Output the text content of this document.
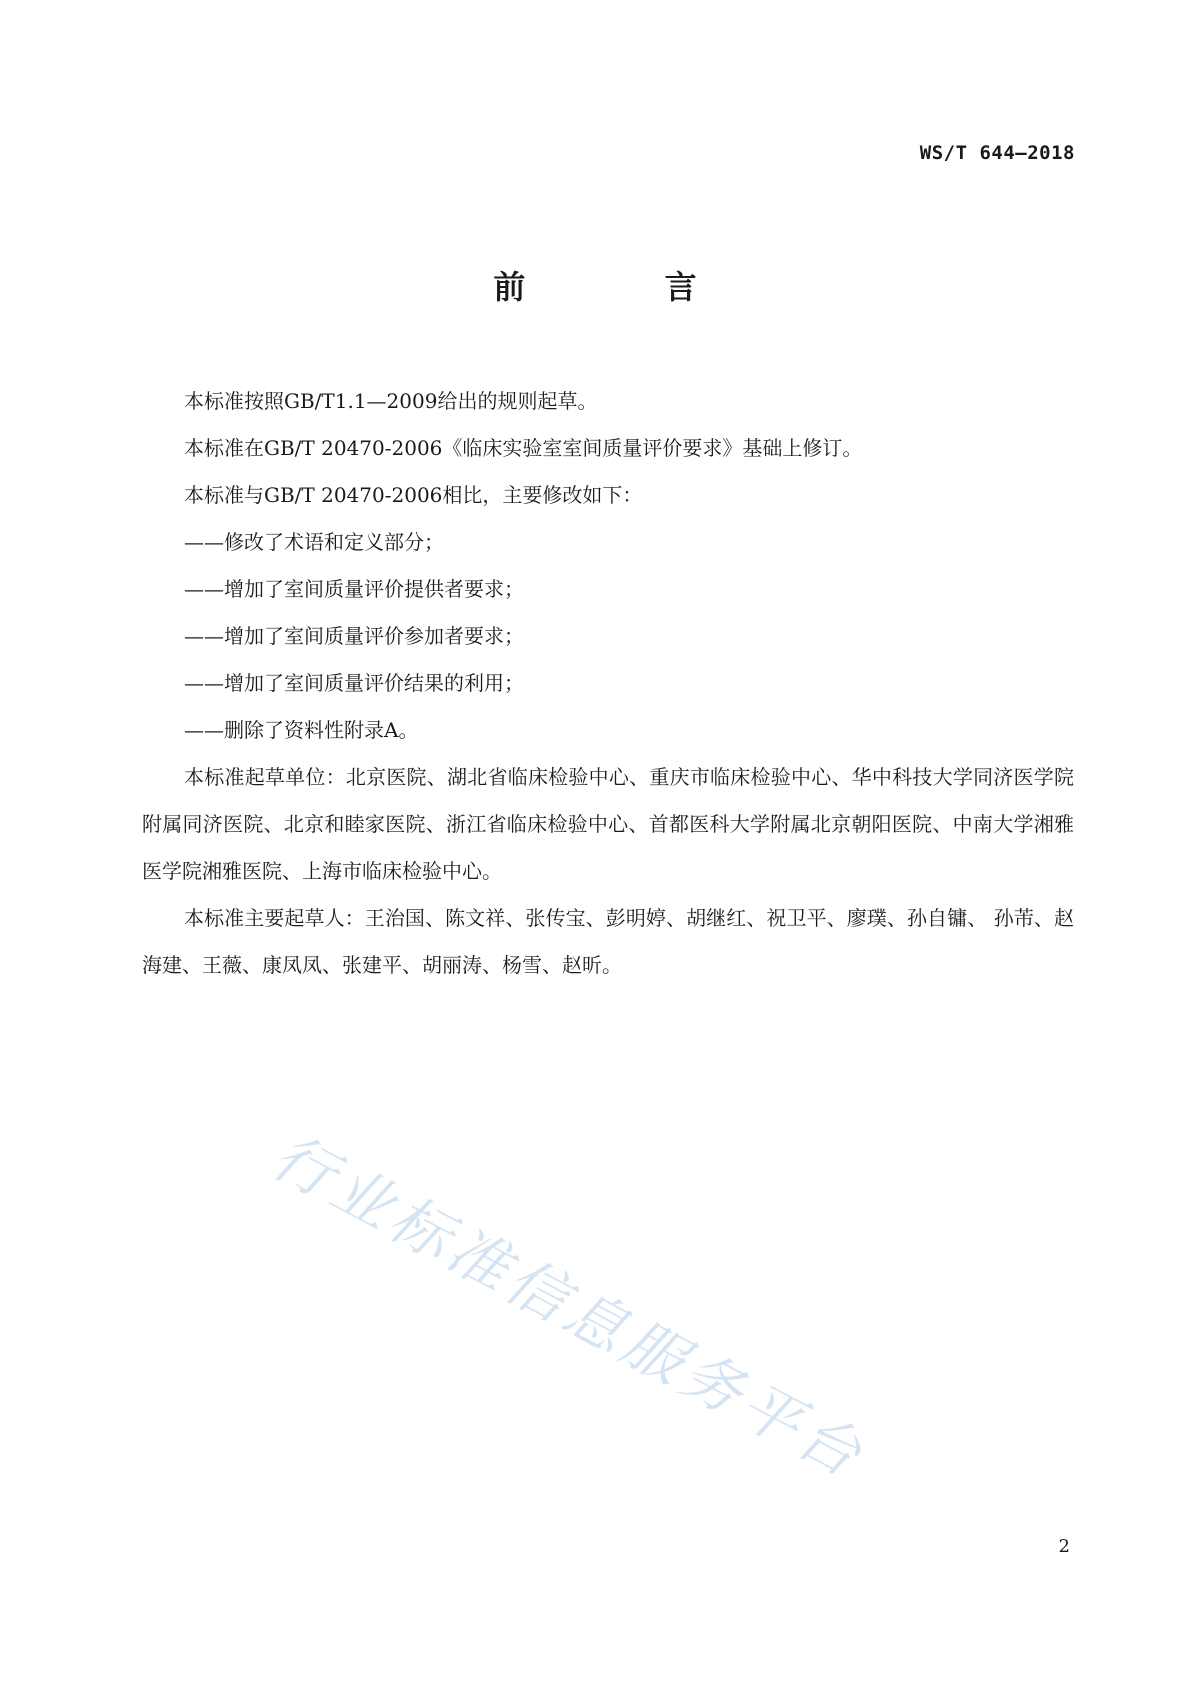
WS/T 644—2018
前 言

本标准按照GB/T1.1—2009给出的规则起草。

本标准在GB/T 20470-2006《临床实验室室间质量评价要求》基础上修订。

本标准与GB/T 20470-2006相比，主要修改如下：

——修改了术语和定义部分；

——增加了室间质量评价提供者要求；

——增加了室间质量评价参加者要求；

——增加了室间质量评价结果的利用；

——删除了资料性附录A。

本标准起草单位：北京医院、湖北省临床检验中心、重庆市临床检验中心、华中科技大学同济医学院附属同济医院、北京和睦家医院、浙江省临床检验中心、首都医科大学附属北京朝阳医院、中南大学湘雅医学院湘雅医院、上海市临床检验中心。

本标准主要起草人：王治国、陈文祥、张传宝、彭明婷、胡继红、祝卫平、廖璞、孙自镛、 孙芾、赵海建、王薇、康凤凤、张建平、胡丽涛、杨雪、赵昕。

行业标准信息服务平台
2
